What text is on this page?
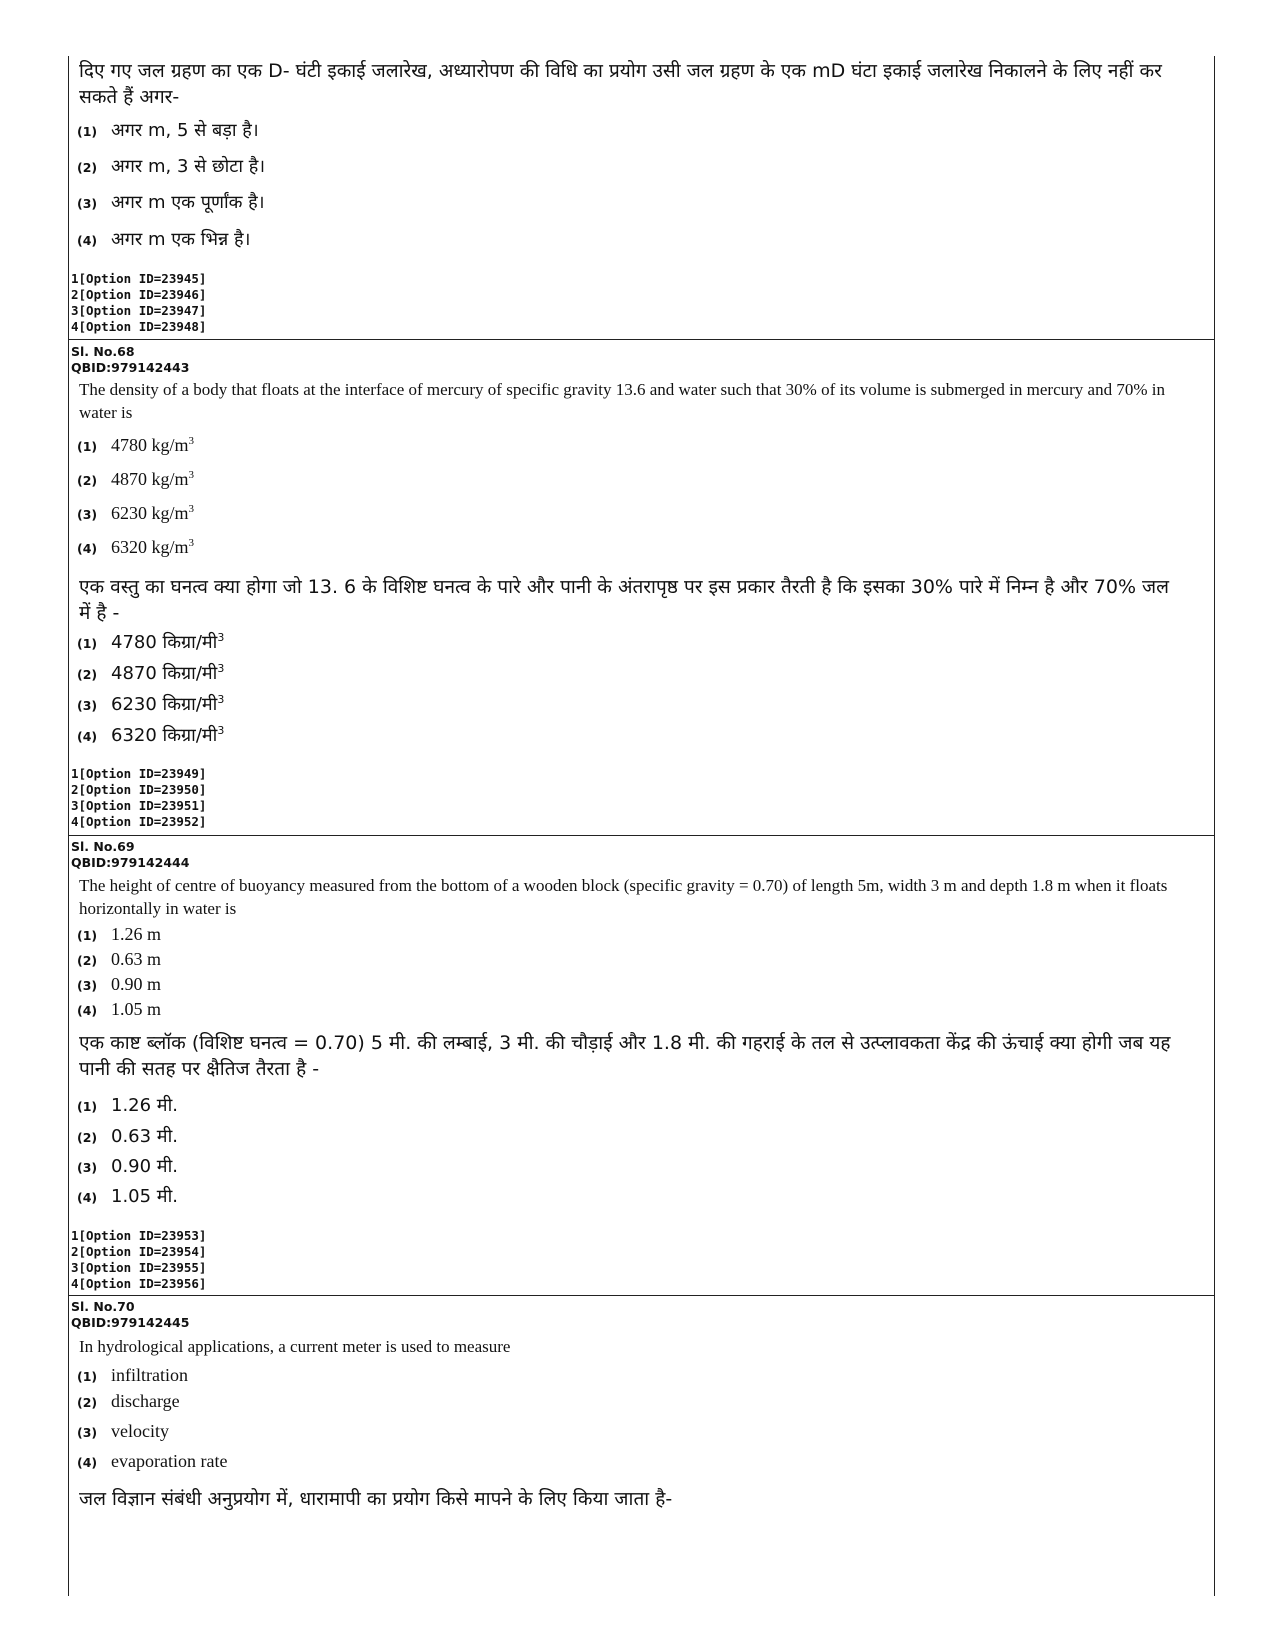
दिए गए जल ग्रहण का एक D- घंटी इकाई जलारेख, अध्यारोपण की विधि का प्रयोग उसी जल ग्रहण के एक mD घंटा इकाई जलारेख निकालने के लिए नहीं कर सकते हैं अगर-
(1) अगर m, 5 से बड़ा है।
(2) अगर m, 3 से छोटा है।
(3) अगर m एक पूर्णांक है।
(4) अगर m एक भिन्न है।
1[Option ID=23945]
2[Option ID=23946]
3[Option ID=23947]
4[Option ID=23948]
Sl. No.68
QBID:979142443
The density of a body that floats at the interface of mercury of specific gravity 13.6 and water such that 30% of its volume is submerged in mercury and 70% in water is
(1) 4780 $kg/m^3$
(2) 4870 $kg/m^3$
(3) 6230 $kg/m^3$
(4) 6320 $kg/m^3$
एक वस्तु का घनत्व क्या होगा जो 13. 6 के विशिष्ट घनत्व के पारे और पानी के अंतरापृष्ठ पर इस प्रकार तैरती है कि इसका 30% पारे में निम्न है और 70% जल में है -
(1) 4780 किग्रा/मी$^3$
(2) 4870 किग्रा/मी$^3$
(3) 6230 किग्रा/मी$^3$
(4) 6320 किग्रा/मी$^3$
1[Option ID=23949]
2[Option ID=23950]
3[Option ID=23951]
4[Option ID=23952]
Sl. No.69
QBID:979142444
The height of centre of buoyancy measured from the bottom of a wooden block (specific gravity = 0.70) of length 5m, width 3 m and depth 1.8 m when it floats horizontally in water is
(1) 1.26 m
(2) 0.63 m
(3) 0.90 m
(4) 1.05 m
एक काष्ट ब्लॉक (विशिष्ट घनत्व = 0.70) 5 मी. की लम्बाई, 3 मी. की चौड़ाई और 1.8 मी. की गहराई के तल से उत्प्लावकता केंद्र की ऊंचाई क्या होगी जब यह पानी की सतह पर क्षैतिज तैरता है -
(1) 1.26 मी.
(2) 0.63 मी.
(3) 0.90 मी.
(4) 1.05 मी.
1[Option ID=23953]
2[Option ID=23954]
3[Option ID=23955]
4[Option ID=23956]
Sl. No.70
QBID:979142445
In hydrological applications, a current meter is used to measure
(1) infiltration
(2) discharge
(3) velocity
(4) evaporation rate
जल विज्ञान संबंधी अनुप्रयोग में, धारामापी का प्रयोग किसे मापने के लिए किया जाता है-
